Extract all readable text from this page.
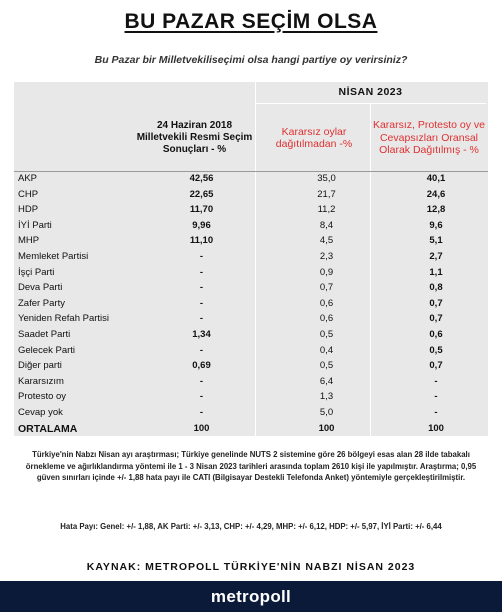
BU PAZAR SEÇİM OLSA
Bu Pazar bir Milletvekiliseçimi olsa hangi partiye oy verirsiniz?
NİSAN 2023
24 Haziran 2018 Milletvekili Resmi Seçim Sonuçları - %
Kararsız oylar dağıtılmadan -%
Kararsız, Protesto oy ve Cevapsızları Oransal Olarak Dağıtılmış - %
AKP	42,56	35,0	40,1
CHP	22,65	21,7	24,6
HDP	11,70	11,2	12,8
İYİ Parti	9,96	8,4	9,6
MHP	11,10	4,5	5,1
Memleket Partisi	-	2,3	2,7
İşçi Parti	-	0,9	1,1
Deva Parti	-	0,7	0,8
Zafer Party	-	0,6	0,7
Yeniden Refah Partisi	-	0,6	0,7
Saadet Parti	1,34	0,5	0,6
Gelecek Parti	-	0,4	0,5
Diğer parti	0,69	0,5	0,7
Kararsızım	-	6,4	-
Protesto oy	-	1,3	-
Cevap yok	-	5,0	-
ORTALAMA	100	100	100
Türkiye'nin Nabzı Nisan ayı araştırması; Türkiye genelinde NUTS 2 sistemine göre 26 bölgeyi esas alan 28 ilde tabakalı örnekleme ve ağırlıklandırma yöntemi ile 1 - 3 Nisan 2023 tarihleri arasında toplam 2610 kişi ile yapılmıştır. Araştırma; 0,95 güven sınırları içinde +/- 1,88 hata payı ile CATI (Bilgisayar Destekli Telefonda Anket) yöntemiyle gerçekleştirilmiştir.
Hata Payı: Genel: +/- 1,88, AK Parti: +/- 3,13, CHP: +/- 4,29, MHP: +/- 6,12, HDP: +/- 5,97, İYİ Parti: +/- 6,44
KAYNAK: METROPOLL TÜRKİYE'NİN NABZI NİSAN 2023
metropoll
